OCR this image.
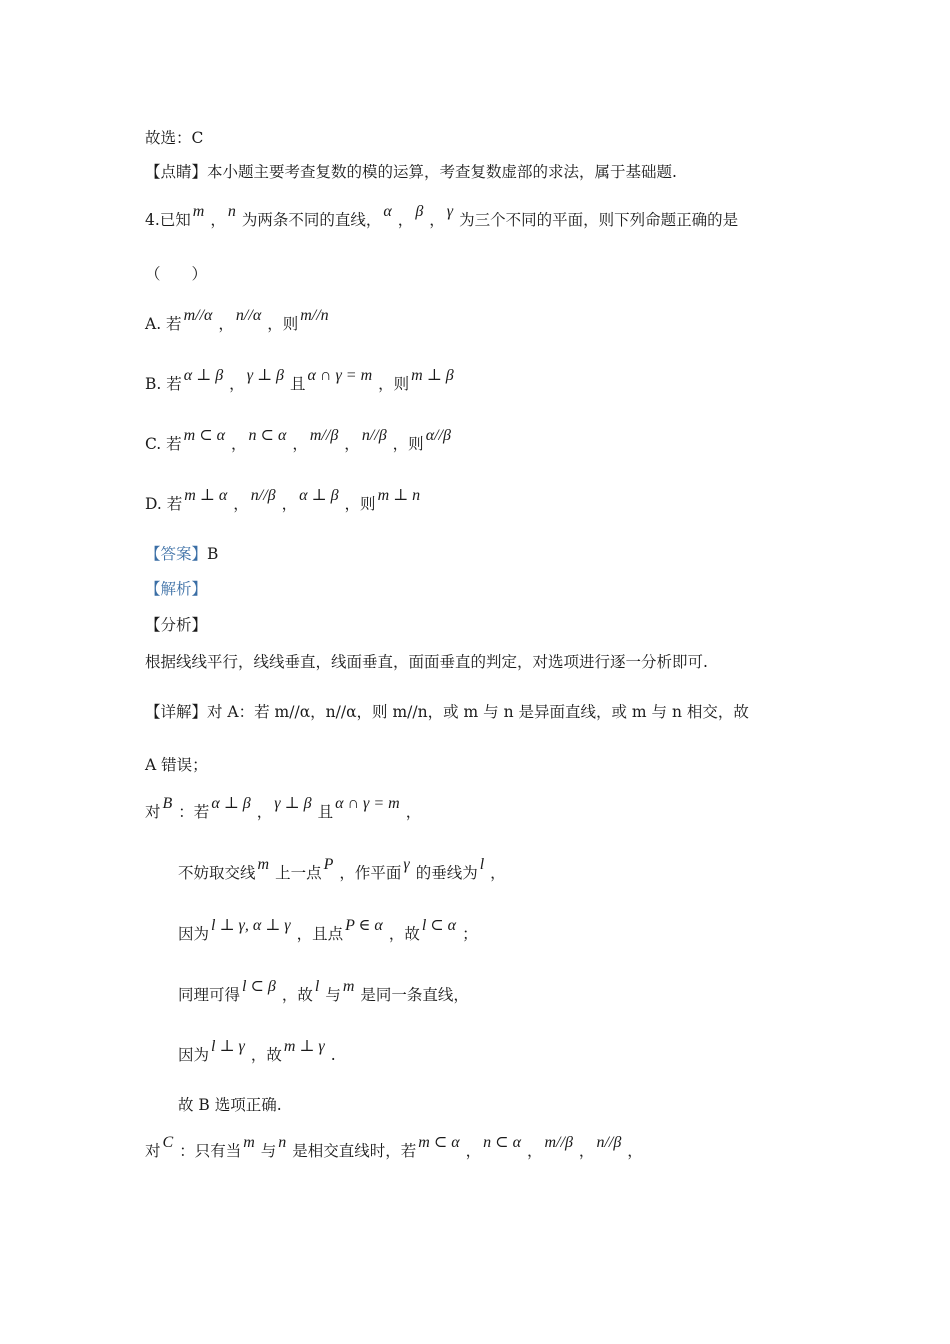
故选：C
【点睛】本小题主要考查复数的模的运算，考查复数虚部的求法，属于基础题.
4.已知 m ， n 为两条不同的直线， α ， β ， γ 为三个不同的平面，则下列命题正确的是
（　　）
A. 若 m//α ， n//α ，则 m//n
B. 若 α ⊥ β ， γ ⊥ β 且 α ∩ γ = m ，则 m ⊥ β
C. 若 m ⊂ α ， n ⊂ α ， m//β ， n//β ，则 α//β
D. 若 m ⊥ α ， n//β ， α ⊥ β ，则 m ⊥ n
【答案】B
【解析】
【分析】
根据线线平行，线线垂直，线面垂直，面面垂直的判定，对选项进行逐一分析即可.
【详解】对 A：若 m//α，n//α，则 m//n，或 m 与 n 是异面直线，或 m 与 n 相交，故
A 错误；
对 B ：若 α ⊥ β ， γ ⊥ β 且 α ∩ γ = m ，
不妨取交线 m 上一点 P ，作平面 γ 的垂线为 l ，
因为 l ⊥ γ, α ⊥ γ ，且点 P ∈ α ，故 l ⊂ α ；
同理可得 l ⊂ β ，故 l 与 m 是同一条直线，
因为 l ⊥ γ ，故 m ⊥ γ .
故 B 选项正确.
对 C ：只有当 m 与 n 是相交直线时，若 m ⊂ α ， n ⊂ α ， m//β ， n//β ，
